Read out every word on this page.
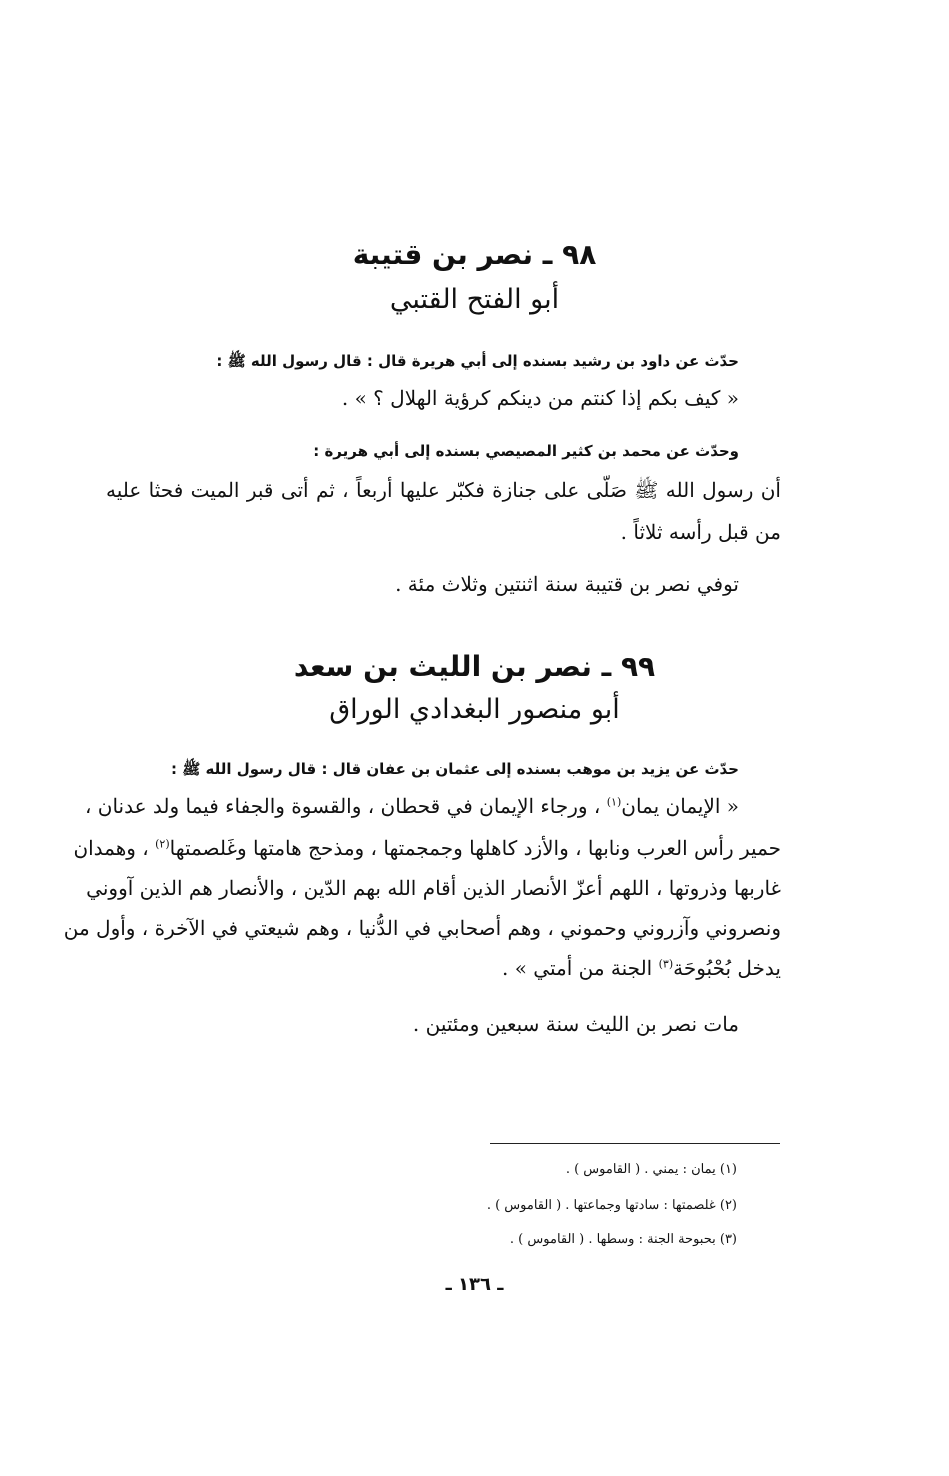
٩٨ ـ نصر بن قتيبة
أبو الفتح القتبي
حدّث عن داود بن رشيد بسنده إلى أبي هريرة قال : قال رسول الله ﷺ :
« كيف بكم إذا كنتم من دينكم كرؤية الهلال ؟ » .
وحدّث عن محمد بن كثير المصيصي بسنده إلى أبي هريرة :
أن رسول الله ﷺ صَلّى على جنازة فكبّر عليها أربعاً ، ثم أتى قبر الميت فحثا عليه
من قبل رأسه ثلاثاً .
توفي نصر بن قتيبة سنة اثنتين وثلاث مئة .
٩٩ ـ نصر بن الليث بن سعد
أبو منصور البغدادي الوراق
حدّث عن يزيد بن موهب بسنده إلى عثمان بن عفان قال : قال رسول الله ﷺ :
« الإيمان يمان$^{(١)}$ ، ورجاء الإيمان في قحطان ، والقسوة والجفاء فيما ولد عدنان ،
حمير رأس العرب ونابها ، والأزد كاهلها وجمجمتها ، ومذحج هامتها وغَلصمتها$^{(٢)}$ ، وهمدان
غاربها وذروتها ، اللهم أعزّ الأنصار الذين أقام الله بهم الدّين ، والأنصار هم الذين آووني
ونصروني وآزروني وحموني ، وهم أصحابي في الدُّنيا ، وهم شيعتي في الآخرة ، وأول من
يدخل بُحْبُوحَة$^{(٣)}$ الجنة من أمتي » .
مات نصر بن الليث سنة سبعين ومئتين .
(١) يمان : يمني . ( القاموس ) .
(٢) غلصمتها : سادتها وجماعتها . ( القاموس ) .
(٣) بحبوحة الجنة : وسطها . ( القاموس ) .
ـ ١٣٦ ـ
